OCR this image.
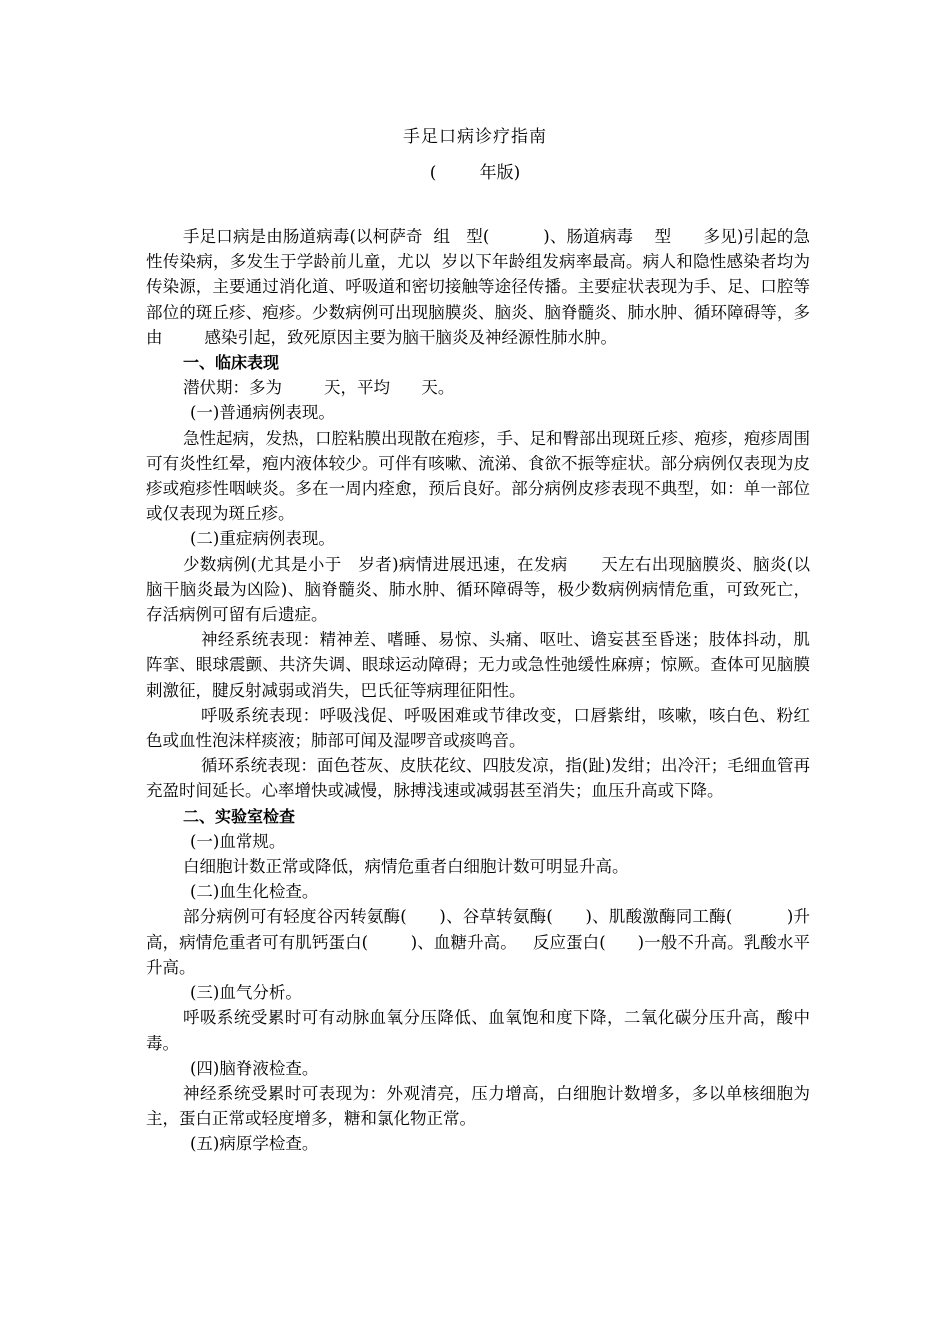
手足口病诊疗指南
(        年版)

手足口病是由肠道病毒(以柯萨奇  组   型(          )、肠道病毒    型      多见)引起的急性传染病，多发生于学龄前儿童，尤以  岁以下年龄组发病率最高。病人和隐性感染者均为传染源，主要通过消化道、呼吸道和密切接触等途径传播。主要症状表现为手、足、口腔等部位的斑丘疹、疱疹。少数病例可出现脑膜炎、脑炎、脑脊髓炎、肺水肿、循环障碍等，多由        感染引起，致死原因主要为脑干脑炎及神经源性肺水肿。

一、临床表现

潜伏期：多为        天，平均      天。

(一)普通病例表现。

急性起病，发热，口腔粘膜出现散在疱疹，手、足和臀部出现斑丘疹、疱疹，疱疹周围可有炎性红晕，疱内液体较少。可伴有咳嗽、流涕、食欲不振等症状。部分病例仅表现为皮疹或疱疹性咽峡炎。多在一周内痊愈，预后良好。部分病例皮疹表现不典型，如：单一部位或仅表现为斑丘疹。

(二)重症病例表现。

少数病例(尤其是小于   岁者)病情进展迅速，在发病      天左右出现脑膜炎、脑炎(以脑干脑炎最为凶险)、脑脊髓炎、肺水肿、循环障碍等，极少数病例病情危重，可致死亡，存活病例可留有后遗症。

神经系统表现：精神差、嗜睡、易惊、头痛、呕吐、谵妄甚至昏迷；肢体抖动，肌阵挛、眼球震颤、共济失调、眼球运动障碍；无力或急性弛缓性麻痹；惊厥。查体可见脑膜刺激征，腱反射减弱或消失，巴氏征等病理征阳性。

呼吸系统表现：呼吸浅促、呼吸困难或节律改变，口唇紫绀，咳嗽，咳白色、粉红色或血性泡沫样痰液；肺部可闻及湿啰音或痰鸣音。

循环系统表现：面色苍灰、皮肤花纹、四肢发凉，指(趾)发绀；出冷汗；毛细血管再充盈时间延长。心率增快或减慢，脉搏浅速或减弱甚至消失；血压升高或下降。

二、实验室检查

(一)血常规。

白细胞计数正常或降低，病情危重者白细胞计数可明显升高。

(二)血生化检查。

部分病例可有轻度谷丙转氨酶(      )、谷草转氨酶(      )、肌酸激酶同工酶(          )升高，病情危重者可有肌钙蛋白(        )、血糖升高。   反应蛋白(      )一般不升高。乳酸水平升高。

(三)血气分析。

呼吸系统受累时可有动脉血氧分压降低、血氧饱和度下降，二氧化碳分压升高，酸中毒。

(四)脑脊液检查。

神经系统受累时可表现为：外观清亮，压力增高，白细胞计数增多，多以单核细胞为主，蛋白正常或轻度增多，糖和氯化物正常。

(五)病原学检查。
